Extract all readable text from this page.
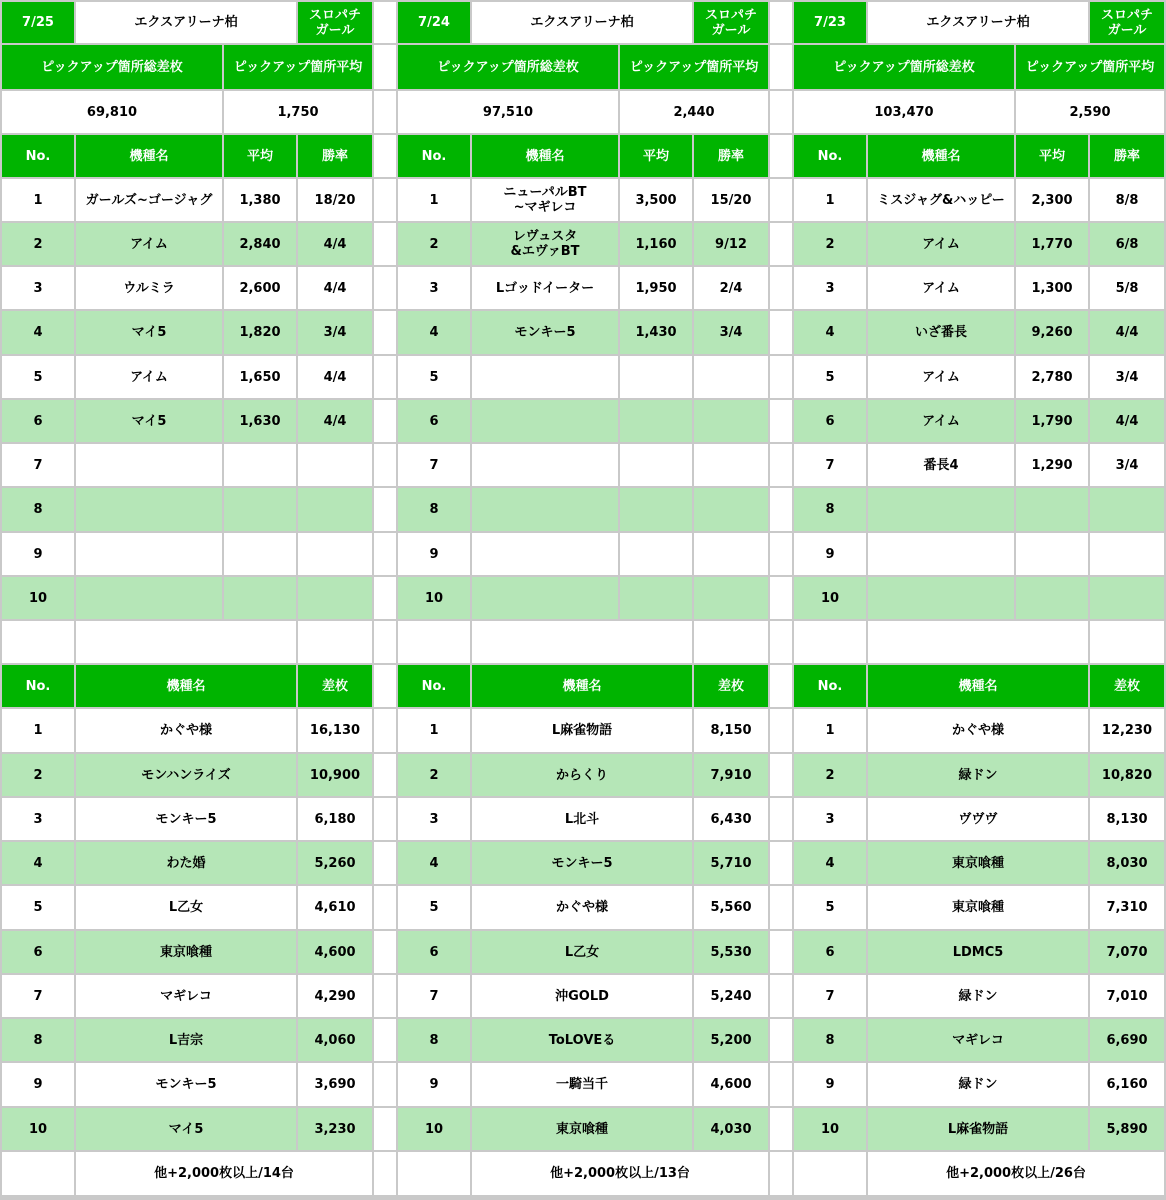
7/25	エクスアリーナ柏	スロパチ
ガール
ピックアップ箇所総差枚	ピックアップ箇所平均
69,810	1,750
No.	機種名	平均	勝率
1	ガールズ~ゴージャグ	1,380	18/20
2	アイム	2,840	4/4
3	ウルミラ	2,600	4/4
4	マイ5	1,820	3/4
5	アイム	1,650	4/4
6	マイ5	1,630	4/4
7
8
9
10
No.	機種名	差枚
1	かぐや様	16,130
2	モンハンライズ	10,900
3	モンキー5	6,180
4	わた婚	5,260
5	L乙女	4,610
6	東京喰種	4,600
7	マギレコ	4,290
8	L吉宗	4,060
9	モンキー5	3,690
10	マイ5	3,230
他+2,000枚以上/14台
7/24	エクスアリーナ柏	スロパチ
ガール
ピックアップ箇所総差枚	ピックアップ箇所平均
97,510	2,440
No.	機種名	平均	勝率
1	ニューパルBT
~マギレコ	3,500	15/20
2	レヴュスタ
&エヴァBT	1,160	9/12
3	Lゴッドイーター	1,950	2/4
4	モンキー5	1,430	3/4
5
6
7
8
9
10
No.	機種名	差枚
1	L麻雀物語	8,150
2	からくり	7,910
3	L北斗	6,430
4	モンキー5	5,710
5	かぐや様	5,560
6	L乙女	5,530
7	沖GOLD	5,240
8	ToLOVEる	5,200
9	一騎当千	4,600
10	東京喰種	4,030
他+2,000枚以上/13台
7/23	エクスアリーナ柏	スロパチ
ガール
ピックアップ箇所総差枚	ピックアップ箇所平均
103,470	2,590
No.	機種名	平均	勝率
1	ミスジャグ&ハッピー	2,300	8/8
2	アイム	1,770	6/8
3	アイム	1,300	5/8
4	いざ番長	9,260	4/4
5	アイム	2,780	3/4
6	アイム	1,790	4/4
7	番長4	1,290	3/4
8
9
10
No.	機種名	差枚
1	かぐや様	12,230
2	緑ドン	10,820
3	ヴヴヴ	8,130
4	東京喰種	8,030
5	東京喰種	7,310
6	LDMC5	7,070
7	緑ドン	7,010
8	マギレコ	6,690
9	緑ドン	6,160
10	L麻雀物語	5,890
他+2,000枚以上/26台
